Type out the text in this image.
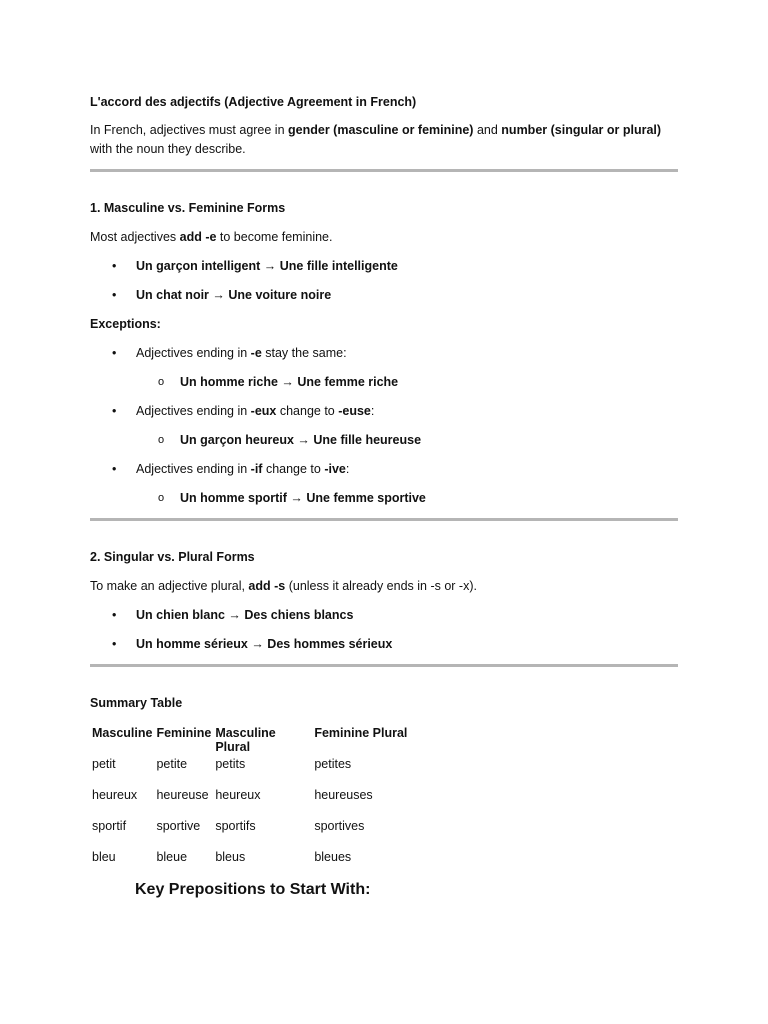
L'accord des adjectifs (Adjective Agreement in French)

In French, adjectives must agree in gender (masculine or feminine) and number (singular or plural) with the noun they describe.

1. Masculine vs. Feminine Forms

Most adjectives add -e to become feminine.

• Un garçon intelligent → Une fille intelligente
• Un chat noir → Une voiture noire
Exceptions:
• Adjectives ending in -e stay the same:
o Un homme riche → Une femme riche
• Adjectives ending in -eux change to -euse:
o Un garçon heureux → Une fille heureuse
• Adjectives ending in -if change to -ive:
o Un homme sportif → Une femme sportive
2. Singular vs. Plural Forms

To make an adjective plural, add -s (unless it already ends in -s or -x).

• Un chien blanc → Des chiens blancs
• Un homme sérieux → Des hommes sérieux
Summary Table
Masculine	Feminine	Masculine Plural	Feminine Plural
petit	petite	petits	petites
heureux	heureuse	heureux	heureuses
sportif	sportive	sportifs	sportives
bleu	bleue	bleus	bleues
Key Prepositions to Start With:
